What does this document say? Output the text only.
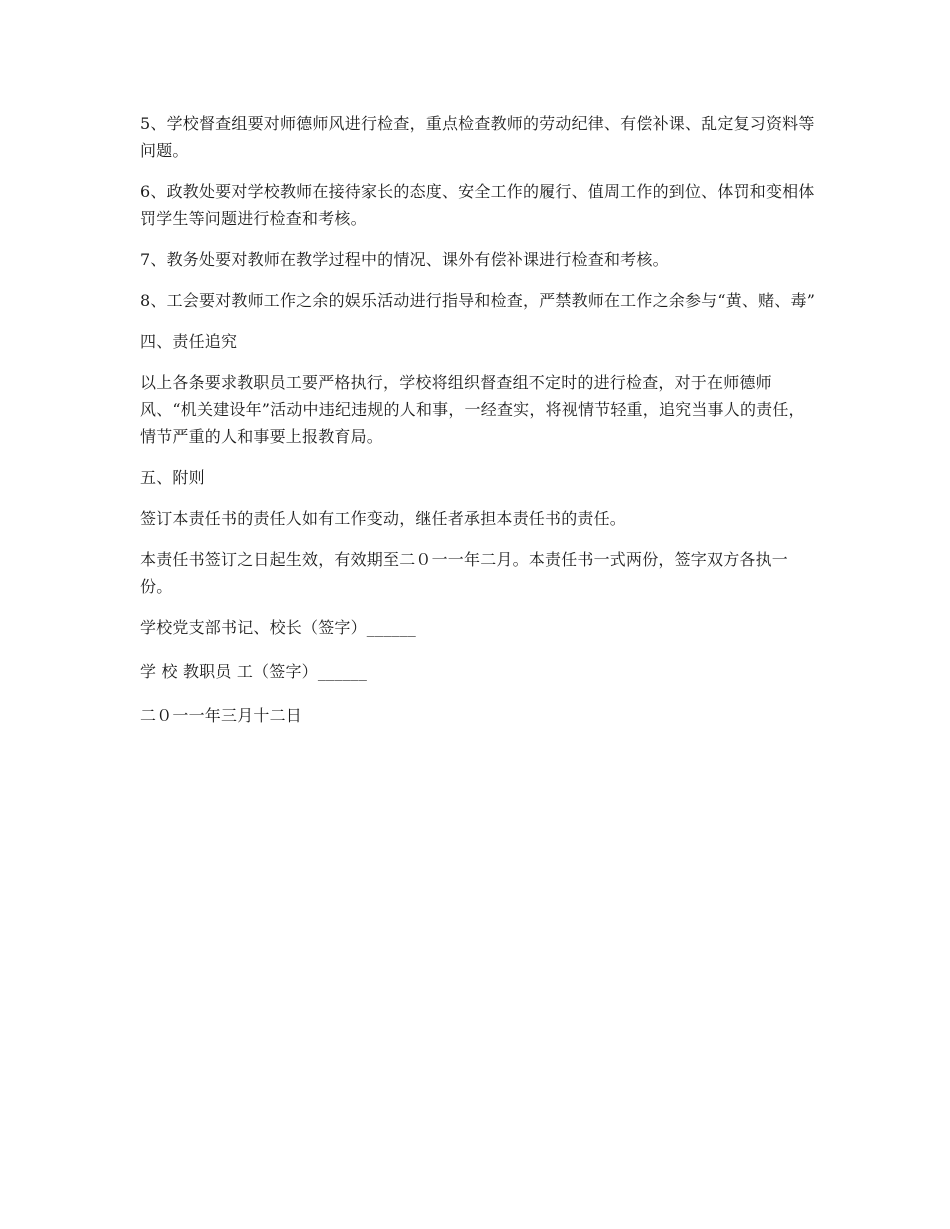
5、学校督查组要对师德师风进行检查，重点检查教师的劳动纪律、有偿补课、乱定复习资料等问题。

6、政教处要对学校教师在接待家长的态度、安全工作的履行、值周工作的到位、体罚和变相体罚学生等问题进行检查和考核。

7、教务处要对教师在教学过程中的情况、课外有偿补课进行检查和考核。

8、工会要对教师工作之余的娱乐活动进行指导和检查，严禁教师在工作之余参与“黄、赌、毒”

四、责任追究

以上各条要求教职员工要严格执行，学校将组织督查组不定时的进行检查，对于在师德师风、“机关建设年”活动中违纪违规的人和事，一经查实，将视情节轻重，追究当事人的责任，情节严重的人和事要上报教育局。

五、附则

签订本责任书的责任人如有工作变动，继任者承担本责任书的责任。

本责任书签订之日起生效，有效期至二０一一年二月。本责任书一式两份，签字双方各执一份。

学校党支部书记、校长（签字）______

学 校 教职员 工（签字）______

二０一一年三月十二日
